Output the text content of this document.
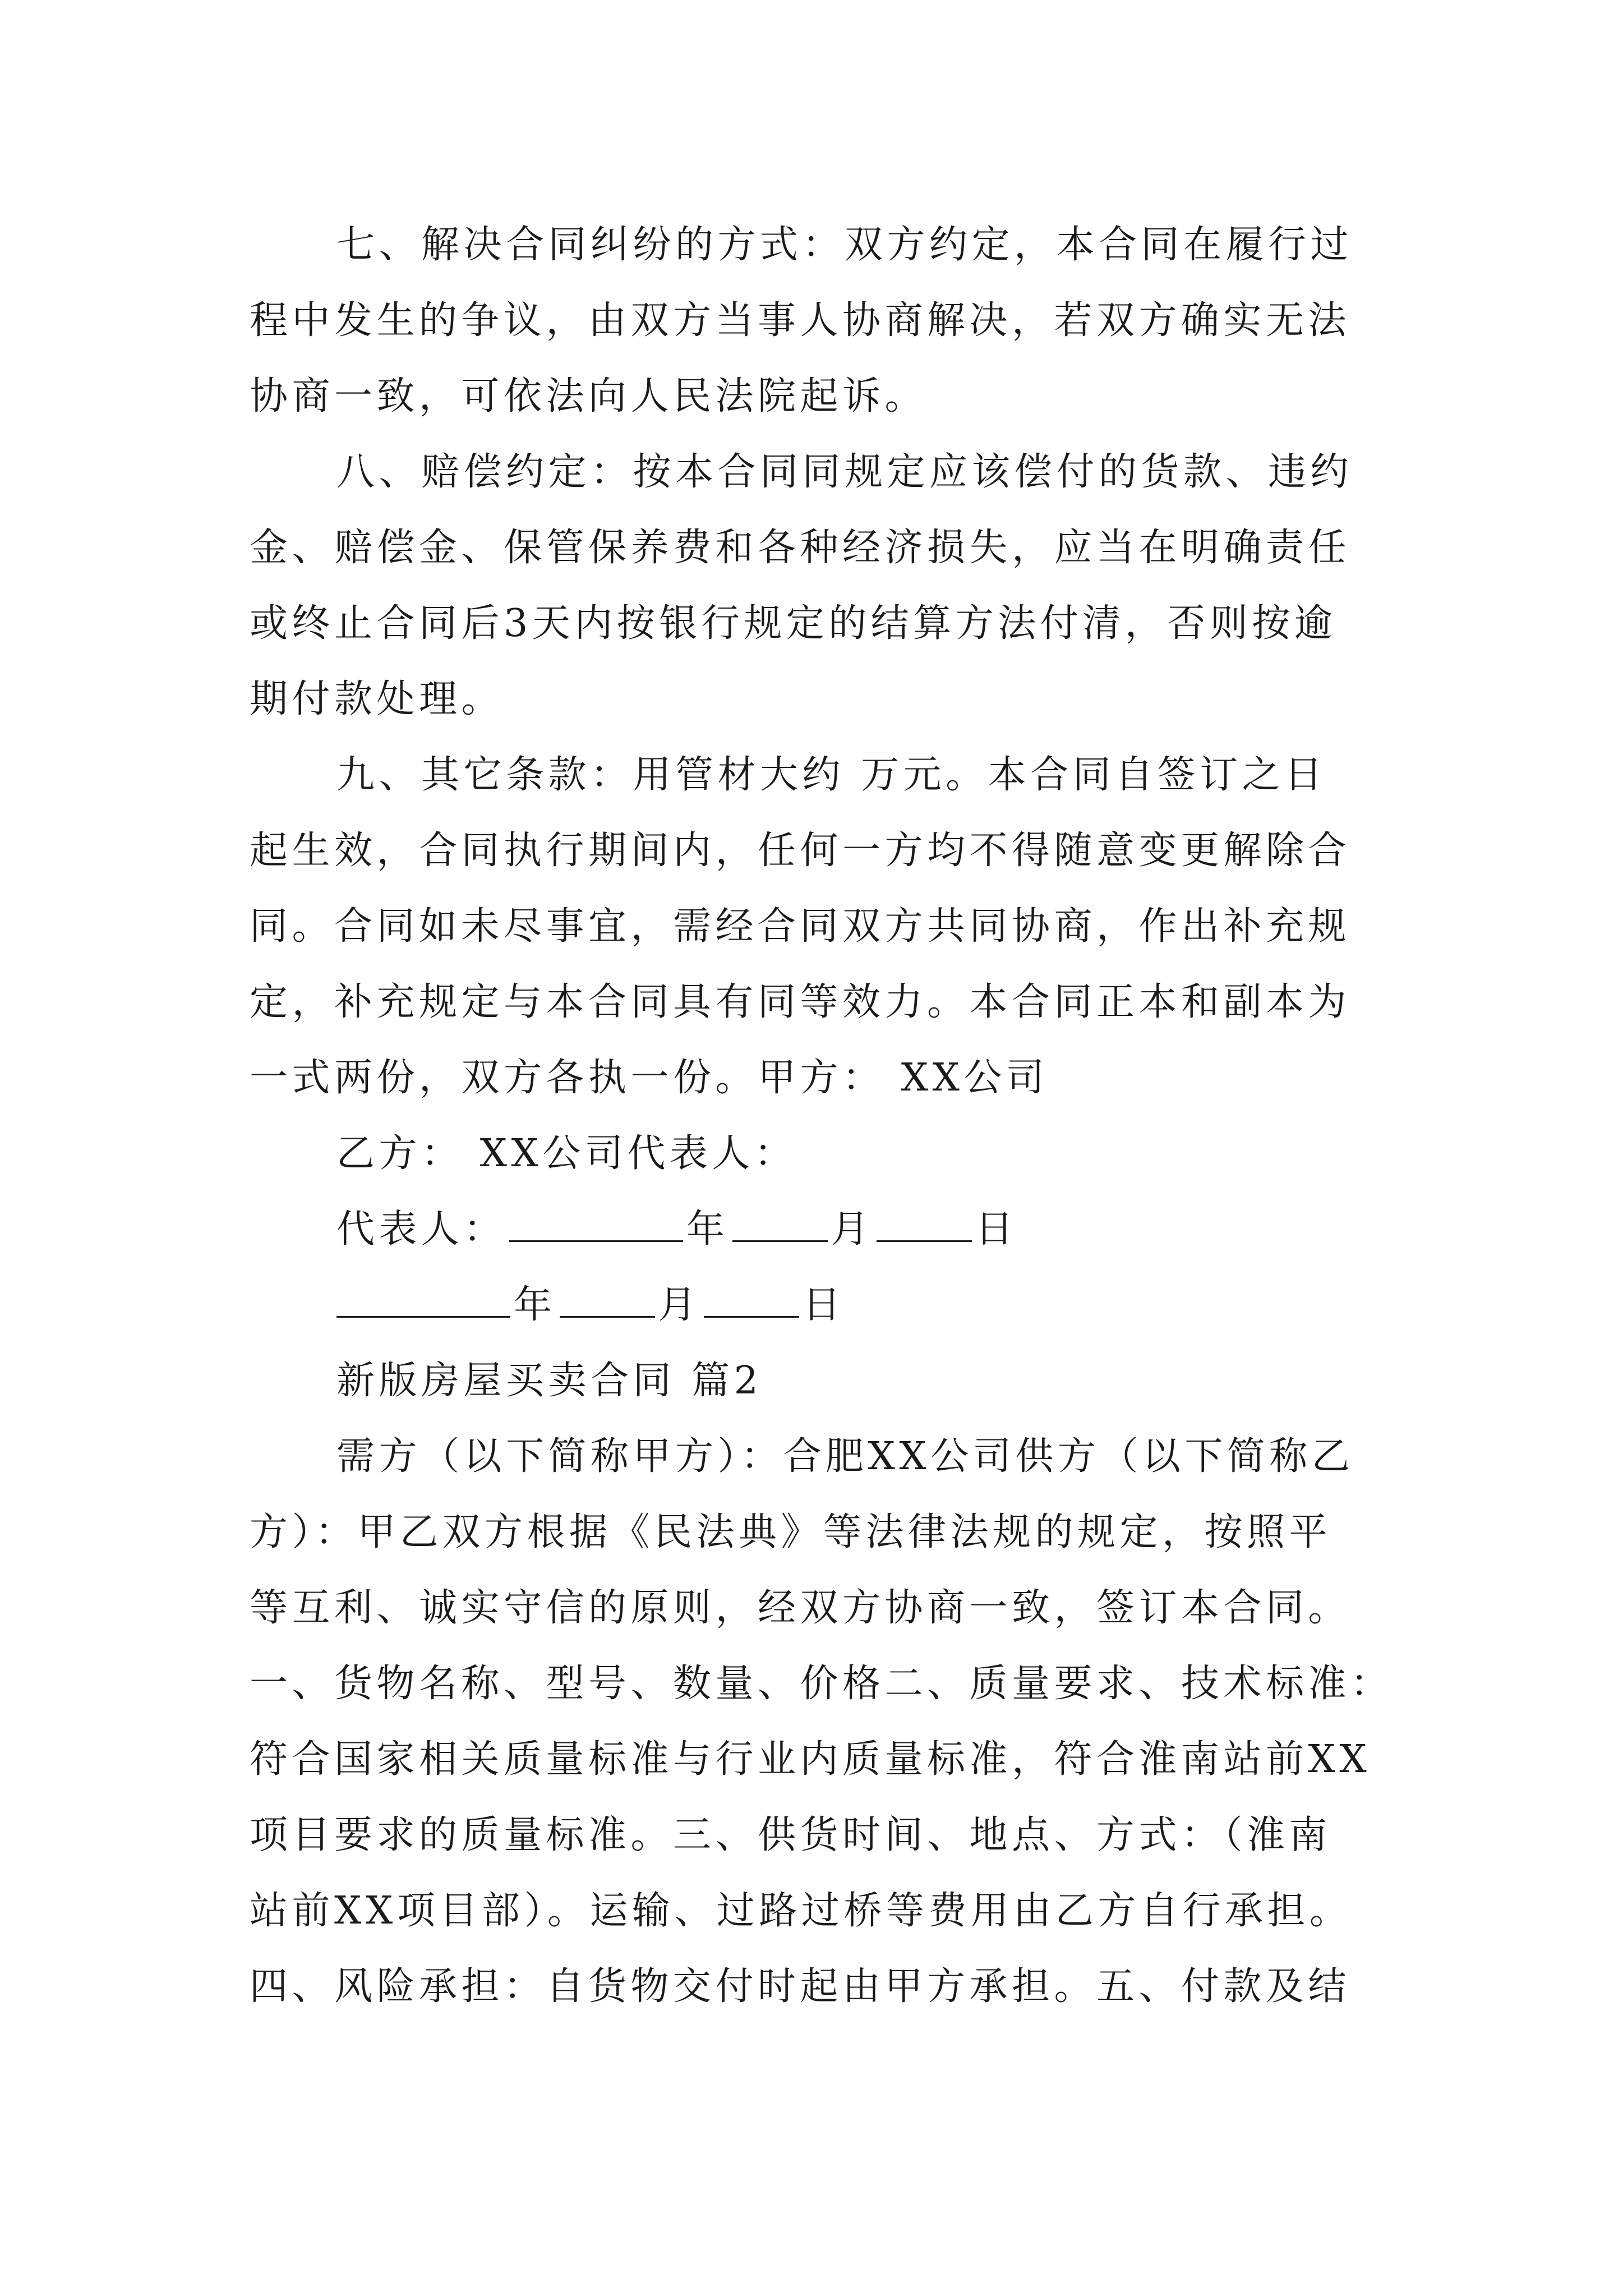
七、解决合同纠纷的方式：双方约定，本合同在履行过
程中发生的争议，由双方当事人协商解决，若双方确实无法
协商一致，可依法向人民法院起诉。
八、赔偿约定：按本合同同规定应该偿付的货款、违约
金、赔偿金、保管保养费和各种经济损失，应当在明确责任
或终止合同后3天内按银行规定的结算方法付清，否则按逾
期付款处理。
九、其它条款：用管材大约 万元。本合同自签订之日
起生效，合同执行期间内，任何一方均不得随意变更解除合
同。合同如未尽事宜，需经合同双方共同协商，作出补充规
定，补充规定与本合同具有同等效力。本合同正本和副本为
一式两份，双方各执一份。甲方： XX公司
乙方： XX公司代表人：
代表人：	年	月	日
年	月	日
新版房屋买卖合同 篇2
需方（以下简称甲方）：合肥XX公司供方（以下简称乙
方）：甲乙双方根据《民法典》等法律法规的规定，按照平
等互利、诚实守信的原则，经双方协商一致，签订本合同。
一、货物名称、型号、数量、价格二、质量要求、技术标准：
符合国家相关质量标准与行业内质量标准，符合淮南站前XX
项目要求的质量标准。三、供货时间、地点、方式：（淮南
站前XX项目部）。运输、过路过桥等费用由乙方自行承担。
四、风险承担：自货物交付时起由甲方承担。五、付款及结
